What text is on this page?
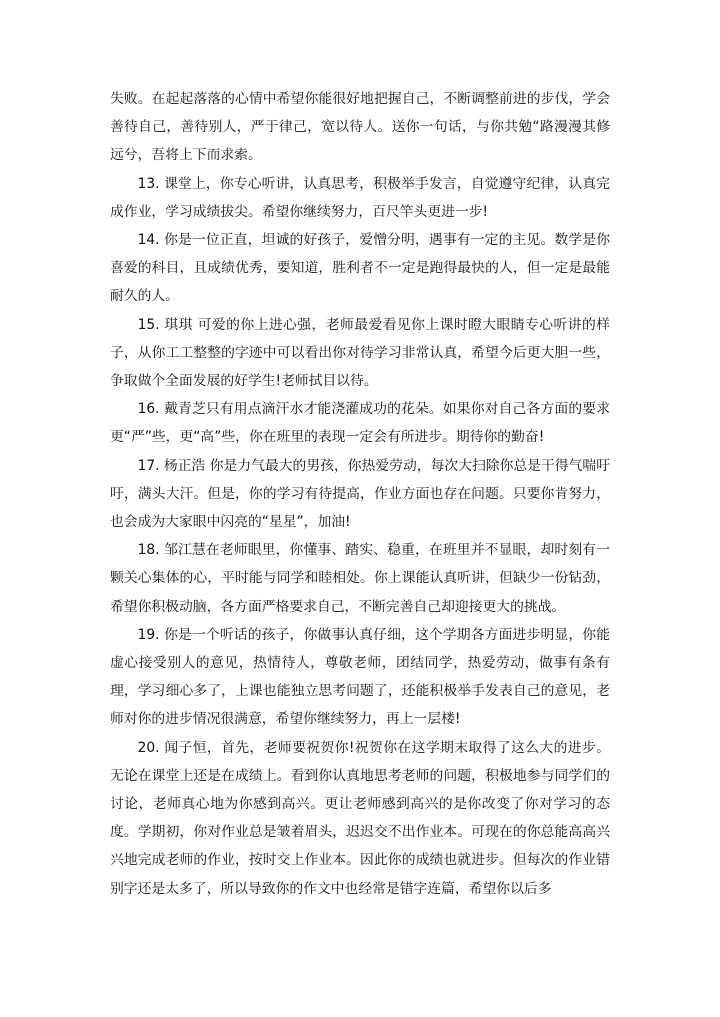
失败。在起起落落的心情中希望你能很好地把握自己，不断调整前进的步伐，学会善待自己，善待别人，严于律己，宽以待人。送你一句话，与你共勉“路漫漫其修远兮，吾将上下而求索。

13. 课堂上，你专心听讲，认真思考，积极举手发言，自觉遵守纪律，认真完成作业，学习成绩拔尖。希望你继续努力，百尺竿头更进一步!

14. 你是一位正直，坦诚的好孩子，爱憎分明，遇事有一定的主见。数学是你喜爱的科目，且成绩优秀，要知道，胜利者不一定是跑得最快的人，但一定是最能耐久的人。

15. 琪琪 可爱的你上进心强，老师最爱看见你上课时瞪大眼睛专心听讲的样子，从你工工整整的字迹中可以看出你对待学习非常认真，希望今后更大胆一些，争取做个全面发展的好学生!老师拭目以待。

16. 戴青芝只有用点滴汗水才能浇灌成功的花朵。如果你对自己各方面的要求更“严”些，更“高”些，你在班里的表现一定会有所进步。期待你的勤奋!

17. 杨正浩 你是力气最大的男孩，你热爱劳动，每次大扫除你总是干得气喘吁吁，满头大汗。但是，你的学习有待提高，作业方面也存在问题。只要你肯努力，也会成为大家眼中闪亮的“星星”，加油!

18. 邹江慧在老师眼里，你懂事、踏实、稳重，在班里并不显眼，却时刻有一颗关心集体的心，平时能与同学和睦相处。你上课能认真听讲，但缺少一份钻劲，希望你积极动脑，各方面严格要求自己，不断完善自己却迎接更大的挑战。

19. 你是一个听话的孩子，你做事认真仔细，这个学期各方面进步明显，你能虚心接受别人的意见，热情待人，尊敬老师，团结同学，热爱劳动，做事有条有理，学习细心多了，上课也能独立思考问题了，还能积极举手发表自己的意见，老师对你的进步情况很满意，希望你继续努力，再上一层楼!

20. 闻子恒，首先，老师要祝贺你!祝贺你在这学期末取得了这么大的进步。无论在课堂上还是在成绩上。看到你认真地思考老师的问题，积极地参与同学们的讨论，老师真心地为你感到高兴。更让老师感到高兴的是你改变了你对学习的态度。学期初，你对作业总是皱着眉头，迟迟交不出作业本。可现在的你总能高高兴兴地完成老师的作业，按时交上作业本。因此你的成绩也就进步。但每次的作业错别字还是太多了，所以导致你的作文中也经常是错字连篇，希望你以后多
